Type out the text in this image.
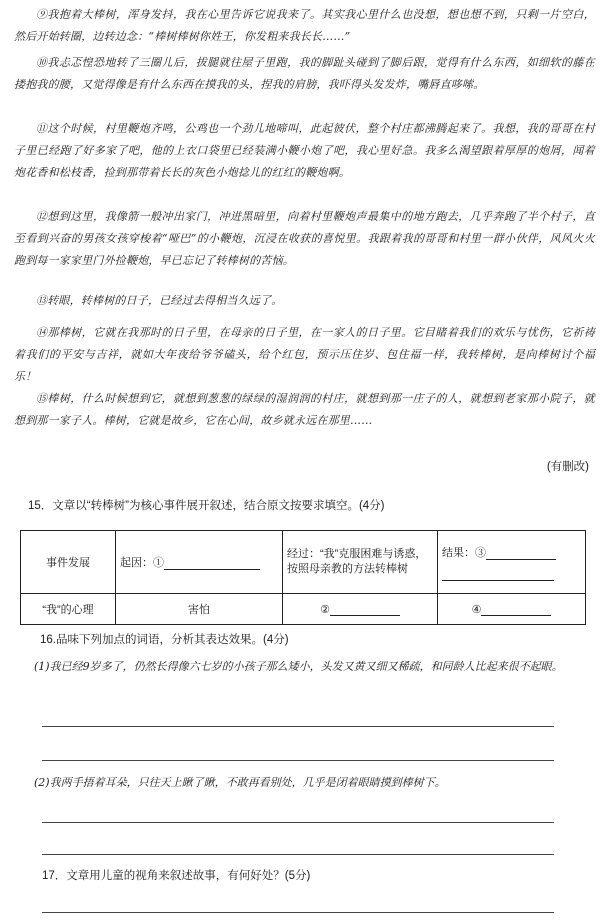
⑨我抱着大棒树，浑身发抖，我在心里告诉它说我来了。其实我心里什么也没想，想也想不到，只剩一片空白，然后开始转圈，边转边念：“棒树棒树你姓王，你发粗来我长长……”

⑩我忐忑惶恐地转了三圈儿后，拔腿就往屋子里跑，我的脚趾头碰到了脚后跟，觉得有什么东西，如细软的藤在搂抱我的腰，又觉得像是有什么东西在摸我的头，捏我的肩膀，我吓得头发发炸，嘴唇直哆嗦。

⑪这个时候，村里鞭炮齐鸣，公鸡也一个劲儿地啼叫，此起彼伏，整个村庄都沸腾起来了。我想，我的哥哥在村子里已经跑了好多家了吧，他的上衣口袋里已经装满小鞭小炮了吧，我心里好急。我多么渴望跟着厚厚的炮屑，闻着炮花香和松枝香，捡到那带着长长的灰色小炮捻儿的红红的鞭炮啊。

⑫想到这里，我像箭一般冲出家门，冲进黑暗里，向着村里鞭炮声最集中的地方跑去，几乎奔跑了半个村子，直至看到兴奋的男孩女孩穿梭着“哑巴”的小鞭炮，沉浸在收获的喜悦里。我跟着我的哥哥和村里一群小伙伴，风风火火跑到每一家家里门外捡鞭炮，早已忘记了转棒树的苦恼。

⑬转眼，转棒树的日子，已经过去得相当久远了。

⑭那棒树，它就在我那时的日子里，在母亲的日子里，在一家人的日子里。它目睹着我们的欢乐与忧伤，它祈祷着我们的平安与吉祥，就如大年夜给爷爷磕头，给个红包，预示压住岁、包住福一样，我转棒树，是向棒树讨个福乐！

⑮棒树，什么时候想到它，就想到葱葱的绿绿的湿润润的村庄，就想到那一庄子的人，就想到老家那小院子，就想到那一家子人。棒树，它就是故乡，它在心间，故乡就永远在那里……

(有删改)

15．文章以“转棒树”为核心事件展开叙述，结合原文按要求填空。(4分)

事件发展	起因：①	经过：“我”克服困难与诱惑，按照母亲教的方法转棒树	结果：③

“我”的心理	害怕	②	④

16.品味下列加点的词语，分析其表达效果。(4分)

(1)我已经9岁多了，仍然长得像六七岁的小孩子那么矮小，头发又黄又细又稀疏，和同龄人比起来很不起眼。

(2)我两手捂着耳朵，只往天上瞅了瞅，不敢再看别处，几乎是闭着眼睛摸到棒树下。

17．文章用儿童的视角来叙述故事，有何好处？(5分)
